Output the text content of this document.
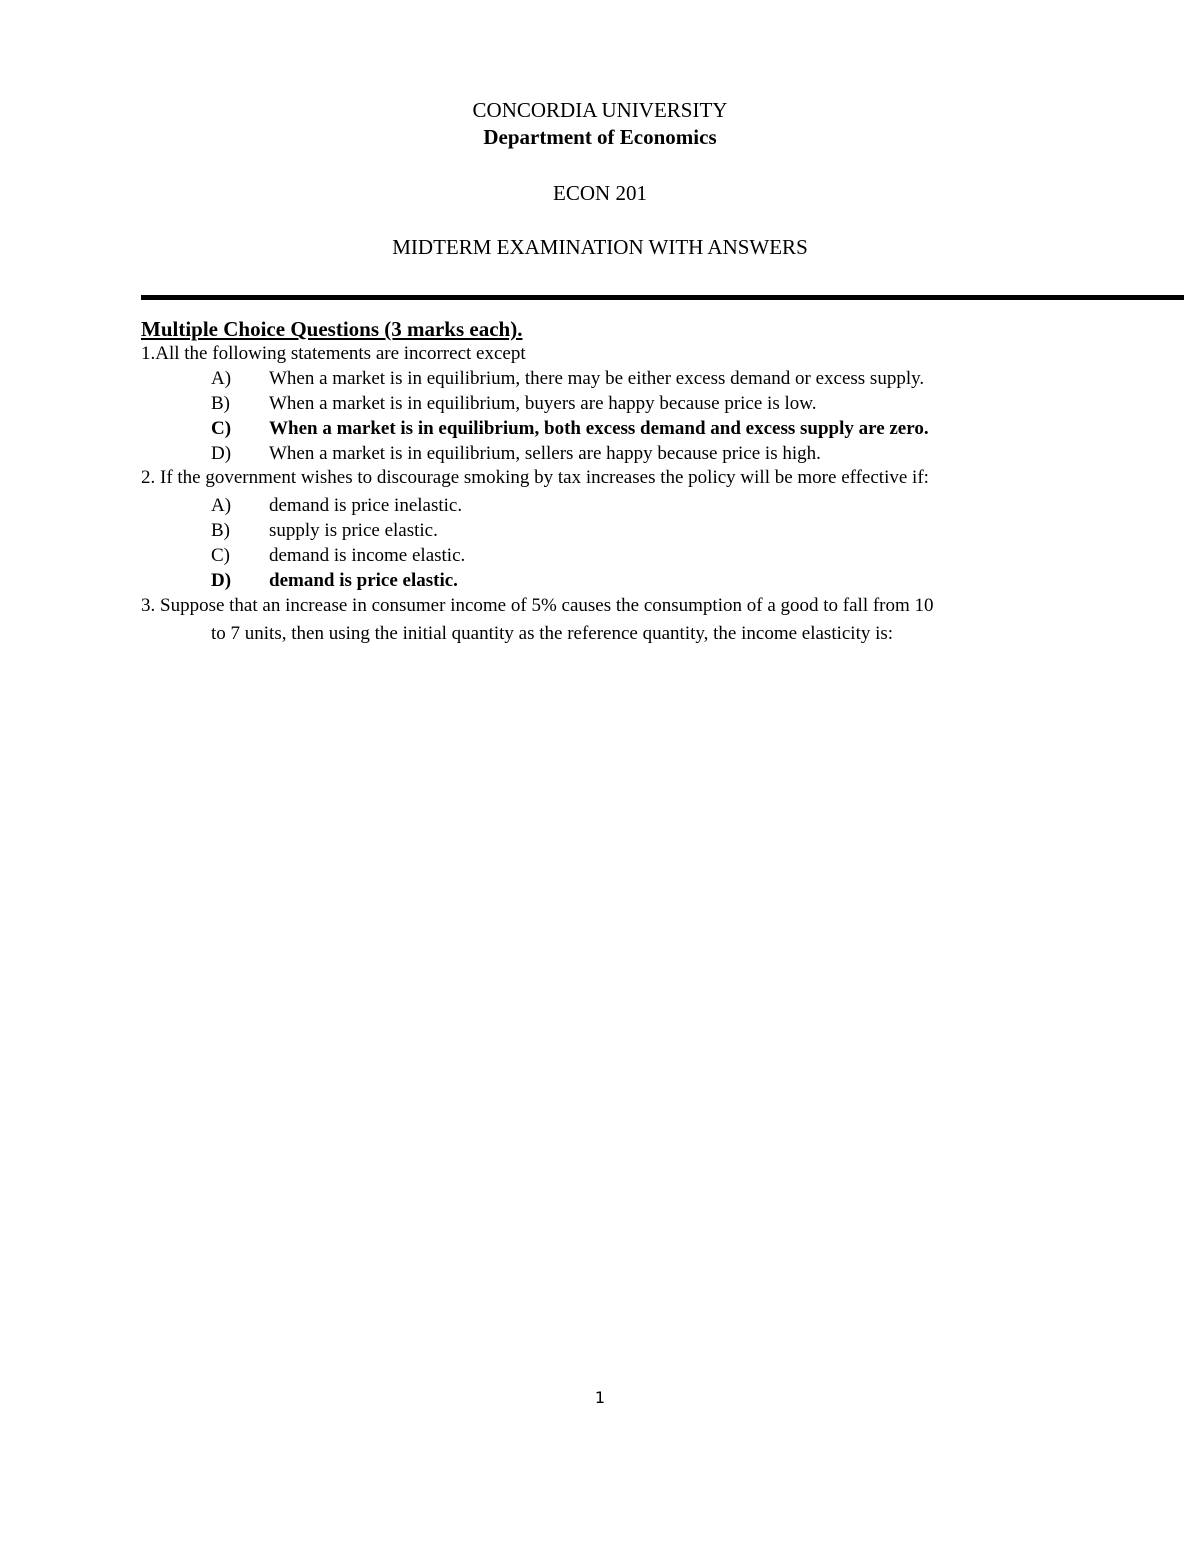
CONCORDIA UNIVERSITY
Department of Economics
ECON 201
MIDTERM EXAMINATION WITH ANSWERS
Multiple Choice Questions (3 marks each).
1.All the following statements are incorrect except
A) When a market is in equilibrium, there may be either excess demand or excess supply.
B) When a market is in equilibrium, buyers are happy because price is low.
C) When a market is in equilibrium, both excess demand and excess supply are zero.
D) When a market is in equilibrium, sellers are happy because price is high.
2. If the government wishes to discourage smoking by tax increases the policy will be more effective if:
A) demand is price inelastic.
B) supply is price elastic.
C) demand is income elastic.
D) demand is price elastic.
3. Suppose that an increase in consumer income of 5% causes the consumption of a good to fall from 10
to 7 units, then using the initial quantity as the reference quantity, the income elasticity is:
1
